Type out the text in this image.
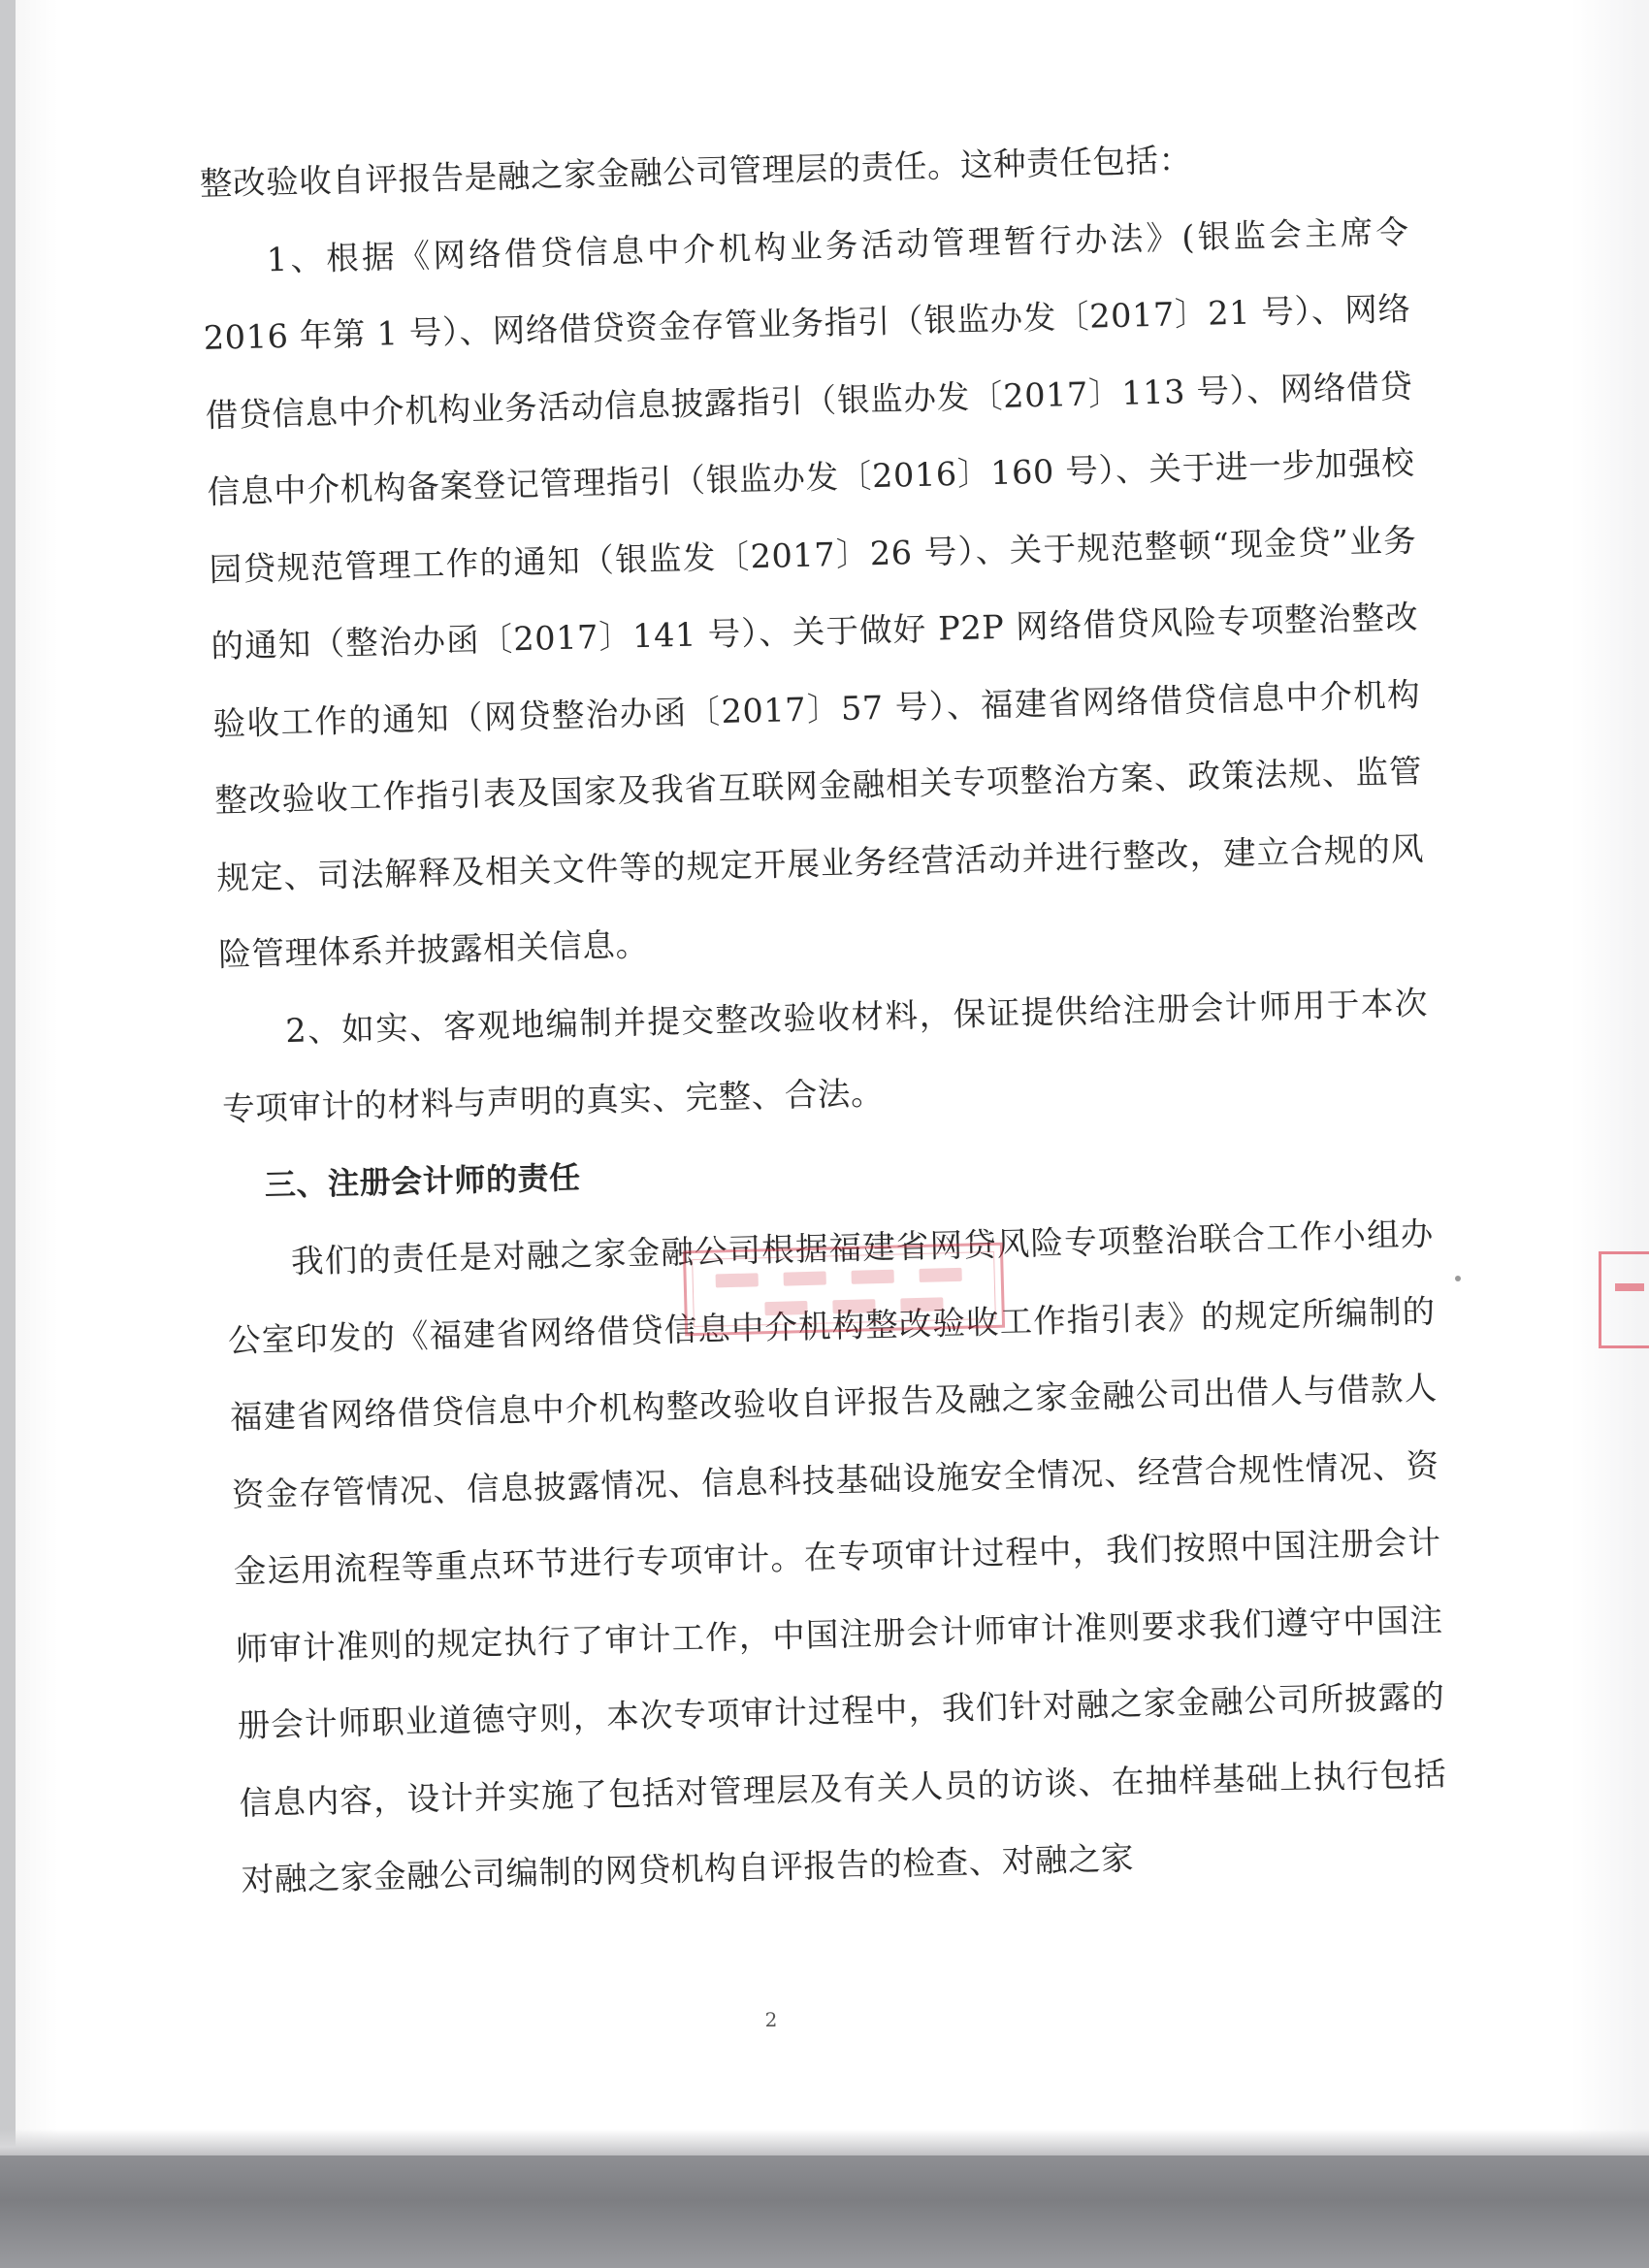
整改验收自评报告是融之家金融公司管理层的责任。这种责任包括：

1、根据《网络借贷信息中介机构业务活动管理暂行办法》(银监会主席令 2016 年第 1 号）、网络借贷资金存管业务指引（银监办发〔2017〕21 号）、网络借贷信息中介机构业务活动信息披露指引（银监办发〔2017〕113 号）、网络借贷信息中介机构备案登记管理指引（银监办发〔2016〕160 号）、关于进一步加强校园贷规范管理工作的通知（银监发〔2017〕26 号）、关于规范整顿“现金贷”业务的通知（整治办函〔2017〕141 号）、关于做好 P2P 网络借贷风险专项整治整改验收工作的通知（网贷整治办函〔2017〕57 号）、福建省网络借贷信息中介机构整改验收工作指引表及国家及我省互联网金融相关专项整治方案、政策法规、监管规定、司法解释及相关文件等的规定开展业务经营活动并进行整改，建立合规的风险管理体系并披露相关信息。

2、如实、客观地编制并提交整改验收材料，保证提供给注册会计师用于本次专项审计的材料与声明的真实、完整、合法。

三、注册会计师的责任

我们的责任是对融之家金融公司根据福建省网贷风险专项整治联合工作小组办公室印发的《福建省网络借贷信息中介机构整改验收工作指引表》的规定所编制的福建省网络借贷信息中介机构整改验收自评报告及融之家金融公司出借人与借款人资金存管情况、信息披露情况、信息科技基础设施安全情况、经营合规性情况、资金运用流程等重点环节进行专项审计。在专项审计过程中，我们按照中国注册会计师审计准则的规定执行了审计工作，中国注册会计师审计准则要求我们遵守中国注册会计师职业道德守则，本次专项审计过程中，我们针对融之家金融公司所披露的信息内容，设计并实施了包括对管理层及有关人员的访谈、在抽样基础上执行包括对融之家金融公司编制的网贷机构自评报告的检查、对融之家

2
